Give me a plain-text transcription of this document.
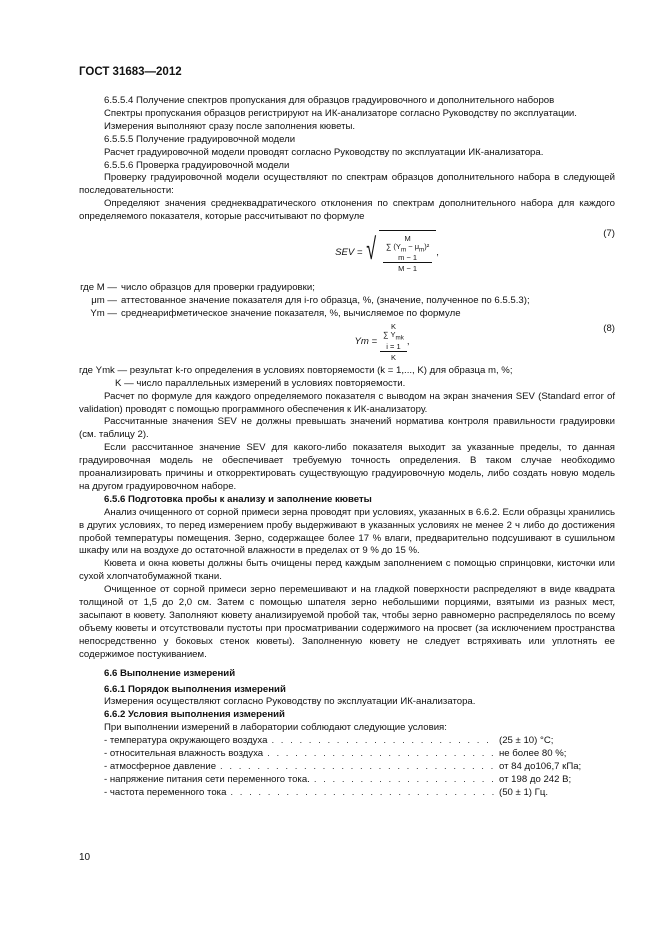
ГОСТ 31683—2012

6.5.5.4 Получение спектров пропускания для образцов градуировочного и дополнительного наборов

Спектры пропускания образцов регистрируют на ИК-анализаторе согласно Руководству по эксплуатации.

Измерения выполняют сразу после заполнения кюветы.

6.5.5.5 Получение градуировочной модели

Расчет градуировочной модели проводят согласно Руководству по эксплуатации ИК-анализатора.

6.5.5.6 Проверка градуировочной модели

Проверку градуировочной модели осуществляют по спектрам образцов дополнительного набора в следующей последовательности:

Определяют значения среднеквадратического отклонения по спектрам дополнительного набора для каждого определяемого показателя, которые рассчитывают по формуле

SEV = √ M
∑ $(Y_m - \mu_m)^2$
m − 1
M − 1 ,
(7)
где M — число образцов для проверки градуировки;
μm — аттестованное значение показателя для i-го образца, %, (значение, полученное по 6.5.5.3);
Ym — среднеарифметическое значение показателя, %, вычисляемое по формуле
Ym = K
∑ $Y_{mk}$
i = 1
K ,
(8)

где Ymk — результат k-го определения в условиях повторяемости (k = 1,..., K) для образца m, %;

K — число параллельных измерений в условиях повторяемости.

Расчет по формуле для каждого определяемого показателя с выводом на экран значения SEV (Standard error of validation) проводят с помощью программного обеспечения к ИК-анализатору.

Рассчитанные значения SEV не должны превышать значений норматива контроля правильности градуировки (см. таблицу 2).

Если рассчитанное значение SEV для какого-либо показателя выходит за указанные пределы, то данная градуировочная модель не обеспечивает требуемую точность определения. В таком случае необходимо проанализировать причины и откорректировать существующую градуировочную модель, либо создать новую модель на другом градуировочном наборе.

6.5.6 Подготовка пробы к анализу и заполнение кюветы

Анализ очищенного от сорной примеси зерна проводят при условиях, указанных в 6.6.2. Если образцы хранились в других условиях, то перед измерением пробу выдерживают в указанных условиях не менее 2 ч либо до достижения пробой температуры помещения. Зерно, содержащее более 17 % влаги, предварительно подсушивают в сушильном шкафу или на воздухе до остаточной влажности в пределах от 9 % до 15 %.

Кювета и окна кюветы должны быть очищены перед каждым заполнением с помощью спринцовки, кисточки или сухой хлопчатобумажной ткани.

Очищенное от сорной примеси зерно перемешивают и на гладкой поверхности распределяют в виде квадрата толщиной от 1,5 до 2,0 см. Затем с помощью шпателя зерно небольшими порциями, взятыми из разных мест, засыпают в кювету. Заполняют кювету анализируемой пробой так, чтобы зерно равномерно распределялось по всему объему кюветы и отсутствовали пустоты при просматривании содержимого на просвет (за исключением пространства непосредственно у боковых стенок кюветы). Заполненную кювету не следует встряхивать или уплотнять ее содержимое постукиванием.

6.6 Выполнение измерений

6.6.1 Порядок выполнения измерений

Измерения осуществляют согласно Руководству по эксплуатации ИК-анализатора.

6.6.2 Условия выполнения измерений

При выполнении измерений в лаборатории соблюдают следующие условия:

- температура окружающего воздуха . . .	(25 ± 10) °С;
- относительная влажность воздуха . . .	не более 80 %;
- атмосферное давление . . .	от 84 до106,7 кПа;
- напряжение питания сети переменного тока. . . .	от 198 до 242 В;
- частота переменного тока . . .	(50 ± 1) Гц.
10
